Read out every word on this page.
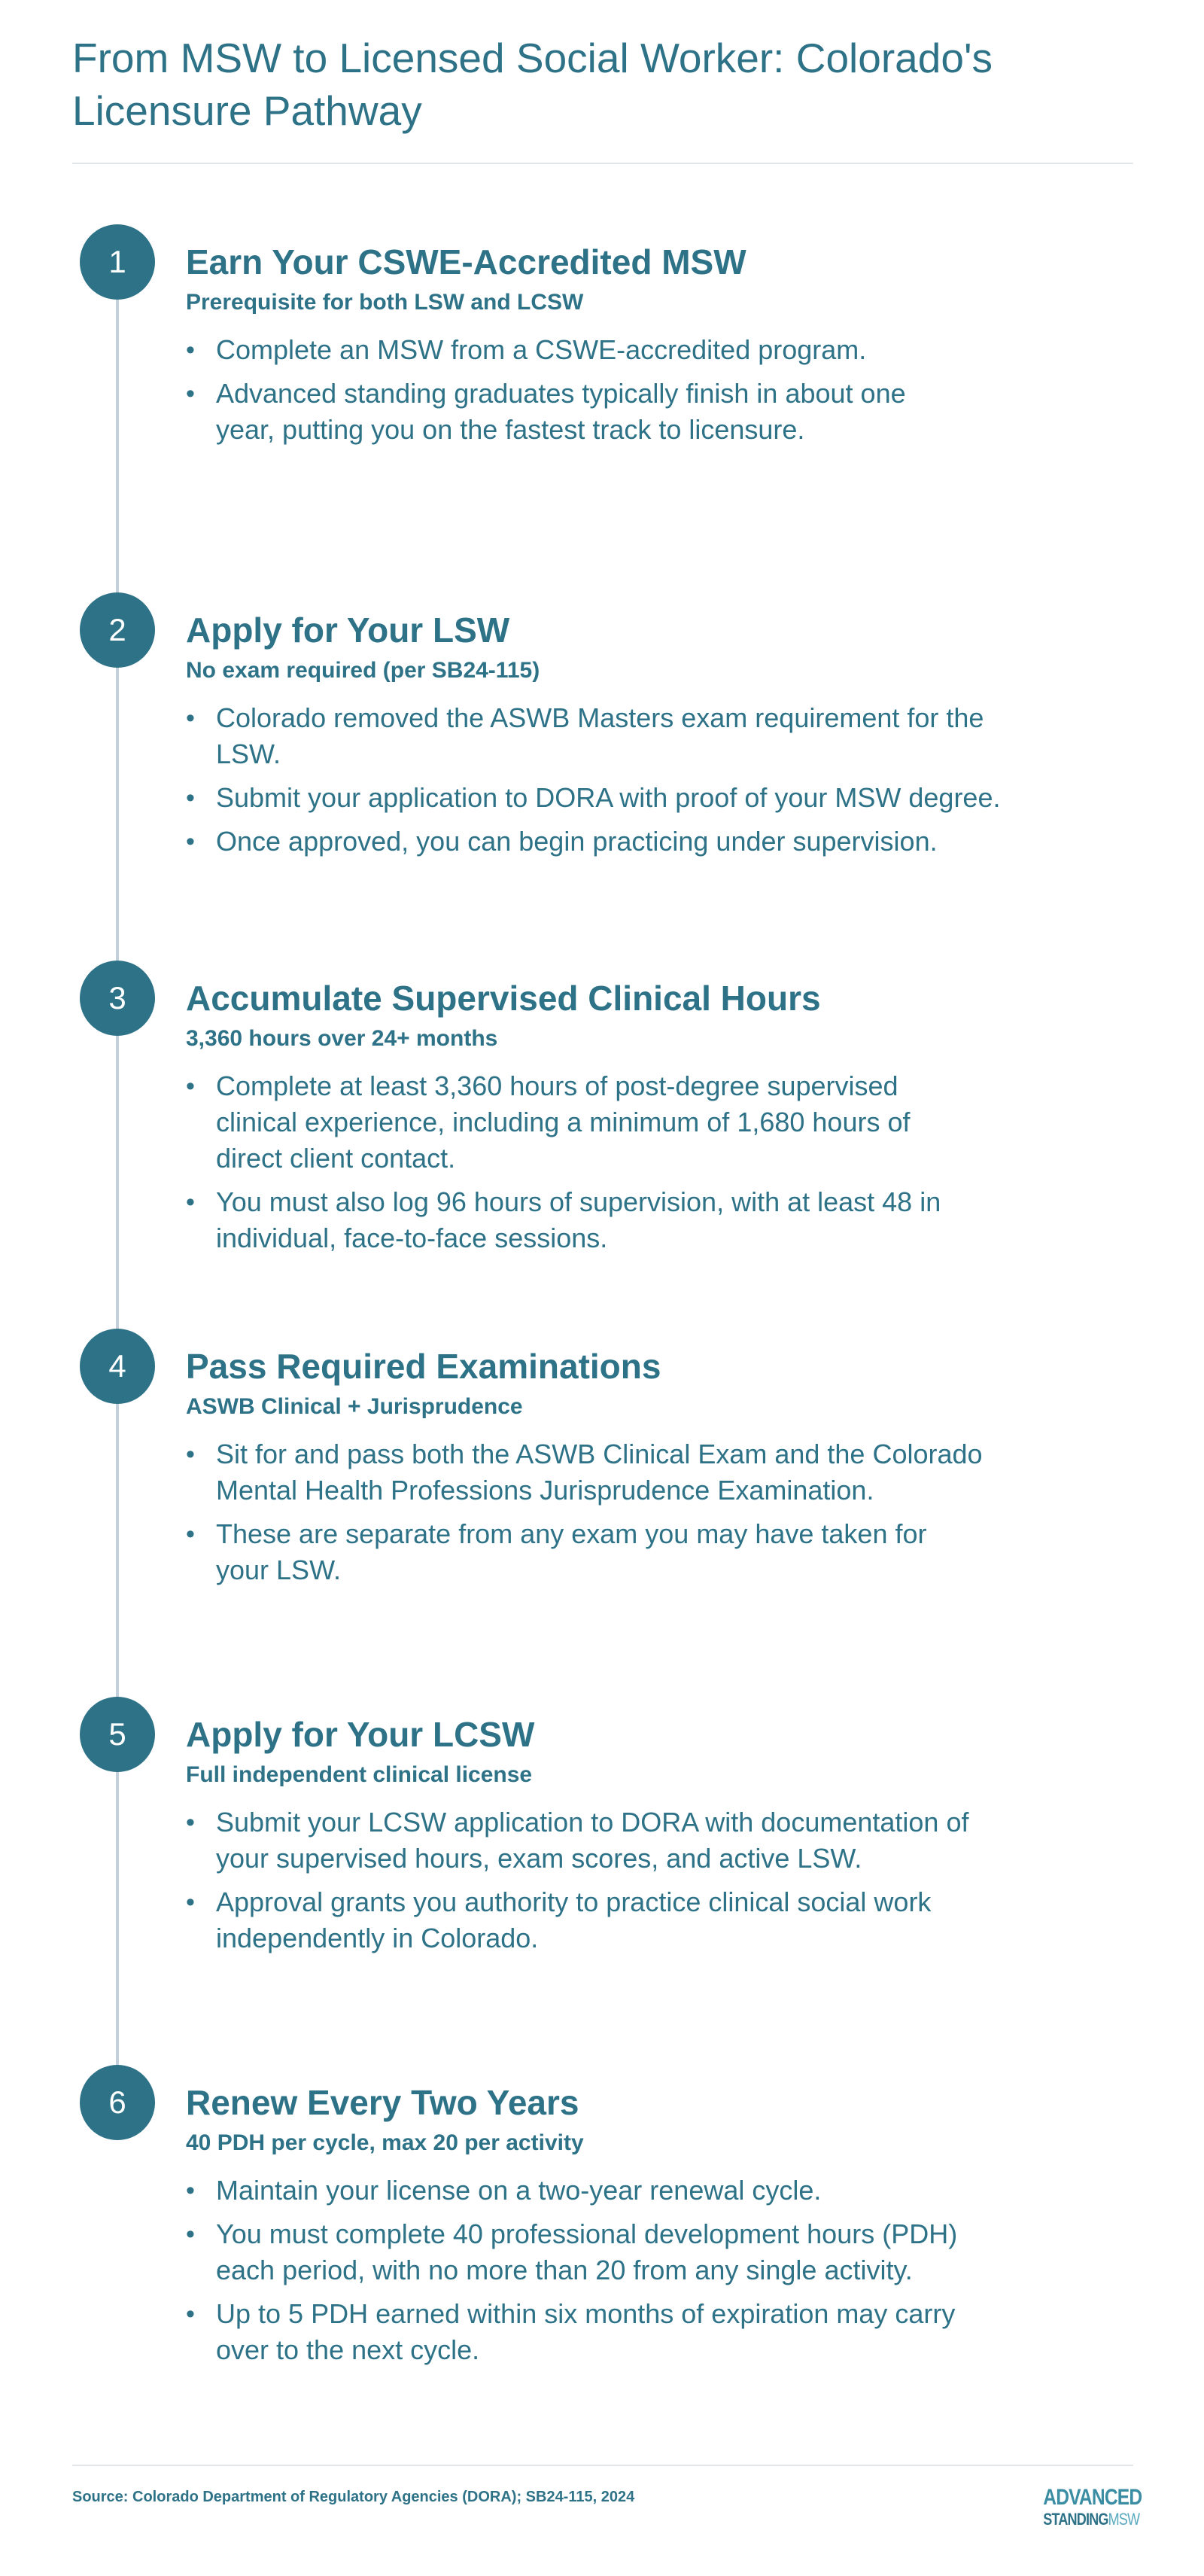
From MSW to Licensed Social Worker: Colorado's Licensure Pathway
1	Earn Your CSWE-Accredited MSW

Prerequisite for both LSW and LCSW

• Complete an MSW from a CSWE-accredited program.
• Advanced standing graduates typically finish in about one year, putting you on the fastest track to licensure.
2	Apply for Your LSW

No exam required (per SB24-115)

• Colorado removed the ASWB Masters exam requirement for the LSW.
• Submit your application to DORA with proof of your MSW degree.
• Once approved, you can begin practicing under supervision.
3	Accumulate Supervised Clinical Hours

3,360 hours over 24+ months

• Complete at least 3,360 hours of post-degree supervised clinical experience, including a minimum of 1,680 hours of direct client contact.
• You must also log 96 hours of supervision, with at least 48 in individual, face-to-face sessions.
4	Pass Required Examinations

ASWB Clinical + Jurisprudence

• Sit for and pass both the ASWB Clinical Exam and the Colorado Mental Health Professions Jurisprudence Examination.
• These are separate from any exam you may have taken for your LSW.
5	Apply for Your LCSW

Full independent clinical license

• Submit your LCSW application to DORA with documentation of your supervised hours, exam scores, and active LSW.
• Approval grants you authority to practice clinical social work independently in Colorado.
6	Renew Every Two Years

40 PDH per cycle, max 20 per activity

• Maintain your license on a two-year renewal cycle.
• You must complete 40 professional development hours (PDH) each period, with no more than 20 from any single activity.
• Up to 5 PDH earned within six months of expiration may carry over to the next cycle.

Source: Colorado Department of Regulatory Agencies (DORA); SB24-115, 2024	ADVANCED
STANDINGMSW
